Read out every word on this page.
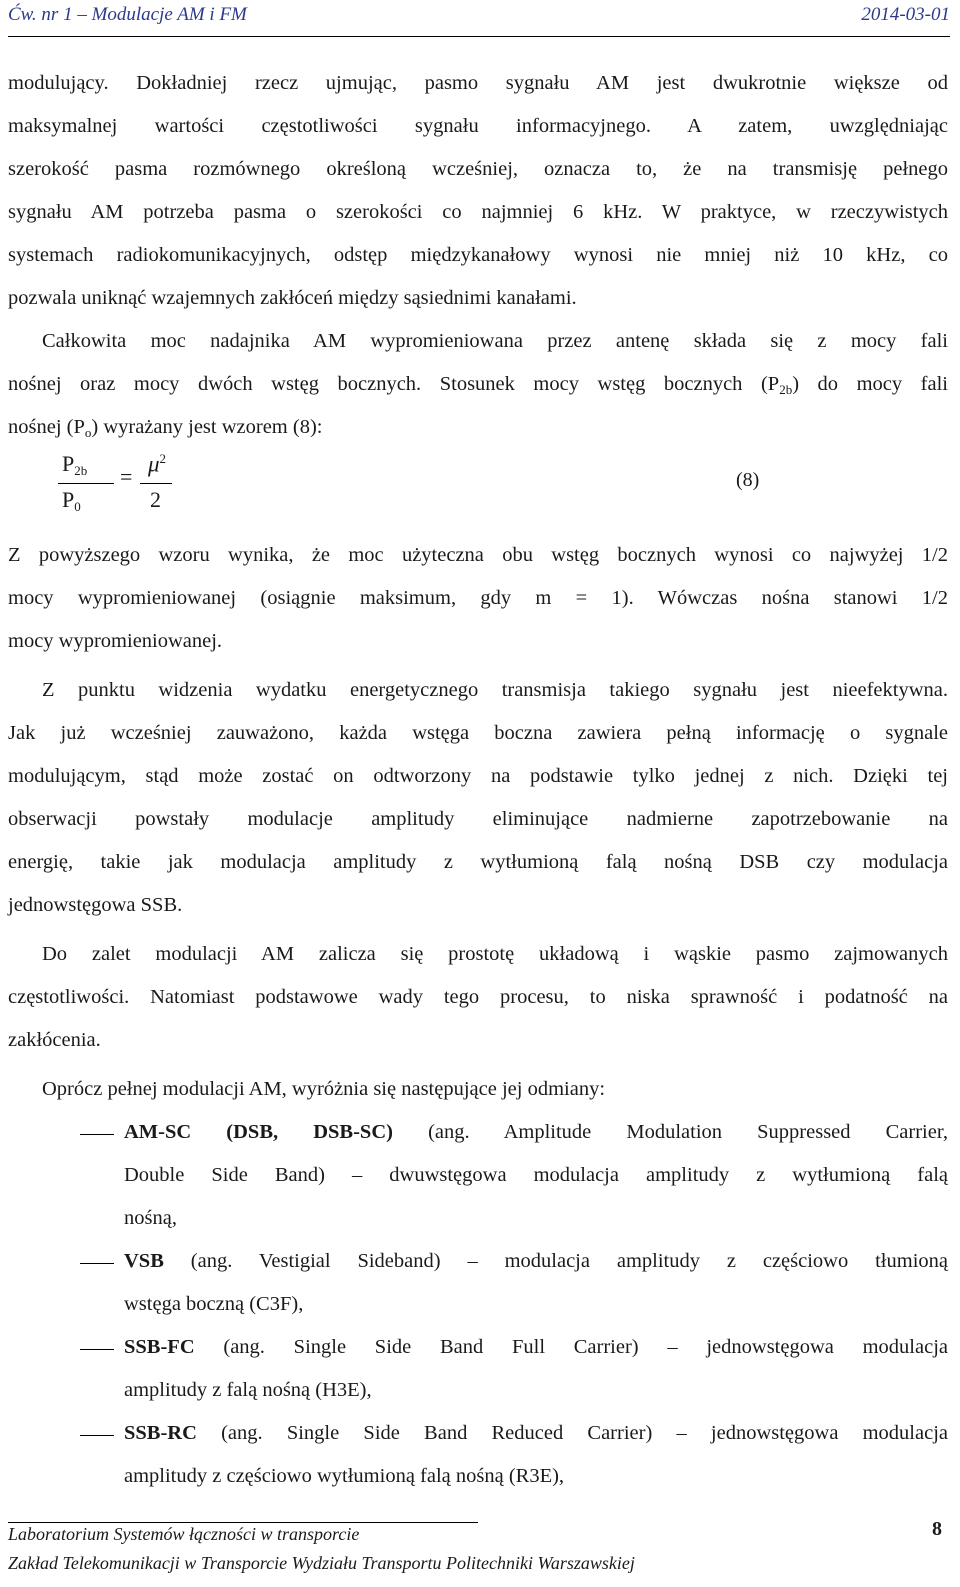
Ćw. nr 1 – Modulacje AM i FM	2014-03-01
modulujący. Dokładniej rzecz ujmując, pasmo sygnału AM jest dwukrotnie większe od
maksymalnej wartości częstotliwości sygnału informacyjnego. A zatem, uwzględniając
szerokość pasma rozmównego określoną wcześniej, oznacza to, że na transmisję pełnego
sygnału AM potrzeba pasma o szerokości co najmniej 6 kHz. W praktyce, w rzeczywistych
systemach radiokomunikacyjnych, odstęp międzykanałowy wynosi nie mniej niż 10 kHz, co
pozwala uniknąć wzajemnych zakłóceń między sąsiednimi kanałami.
Całkowita moc nadajnika AM wypromieniowana przez antenę składa się z mocy fali
nośnej oraz mocy dwóch wstęg bocznych. Stosunek mocy wstęg bocznych $(P_{2b})$ do mocy fali
nośnej $(P_o)$ wyrażany jest wzorem (8):
$P_{2b}$
$P_0$
= $\mu^2$
2
(8)
Z powyższego wzoru wynika, że moc użyteczna obu wstęg bocznych wynosi co najwyżej 1/2
mocy wypromieniowanej (osiągnie maksimum, gdy m = 1). Wówczas nośna stanowi 1/2
mocy wypromieniowanej.
Z punktu widzenia wydatku energetycznego transmisja takiego sygnału jest nieefektywna.
Jak już wcześniej zauważono, każda wstęga boczna zawiera pełną informację o sygnale
modulującym, stąd może zostać on odtworzony na podstawie tylko jednej z nich. Dzięki tej
obserwacji powstały modulacje amplitudy eliminujące nadmierne zapotrzebowanie na
energię, takie jak modulacja amplitudy z wytłumioną falą nośną DSB czy modulacja
jednowstęgowa SSB.
Do zalet modulacji AM zalicza się prostotę układową i wąskie pasmo zajmowanych
częstotliwości. Natomiast podstawowe wady tego procesu, to niska sprawność i podatność na
zakłócenia.
Oprócz pełnej modulacji AM, wyróżnia się następujące jej odmiany:
AM-SC (DSB, DSB-SC) (ang. Amplitude Modulation Suppressed Carrier,
Double Side Band) – dwuwstęgowa modulacja amplitudy z wytłumioną falą
nośną,
VSB (ang. Vestigial Sideband) – modulacja amplitudy z częściowo tłumioną
wstęga boczną (C3F),
SSB-FC (ang. Single Side Band Full Carrier) – jednowstęgowa modulacja
amplitudy z falą nośną (H3E),
SSB-RC (ang. Single Side Band Reduced Carrier) – jednowstęgowa modulacja
amplitudy z częściowo wytłumioną falą nośną (R3E),
Laboratorium Systemów łączności w transporcie
Zakład Telekomunikacji w Transporcie Wydziału Transportu Politechniki Warszawskiej
8
